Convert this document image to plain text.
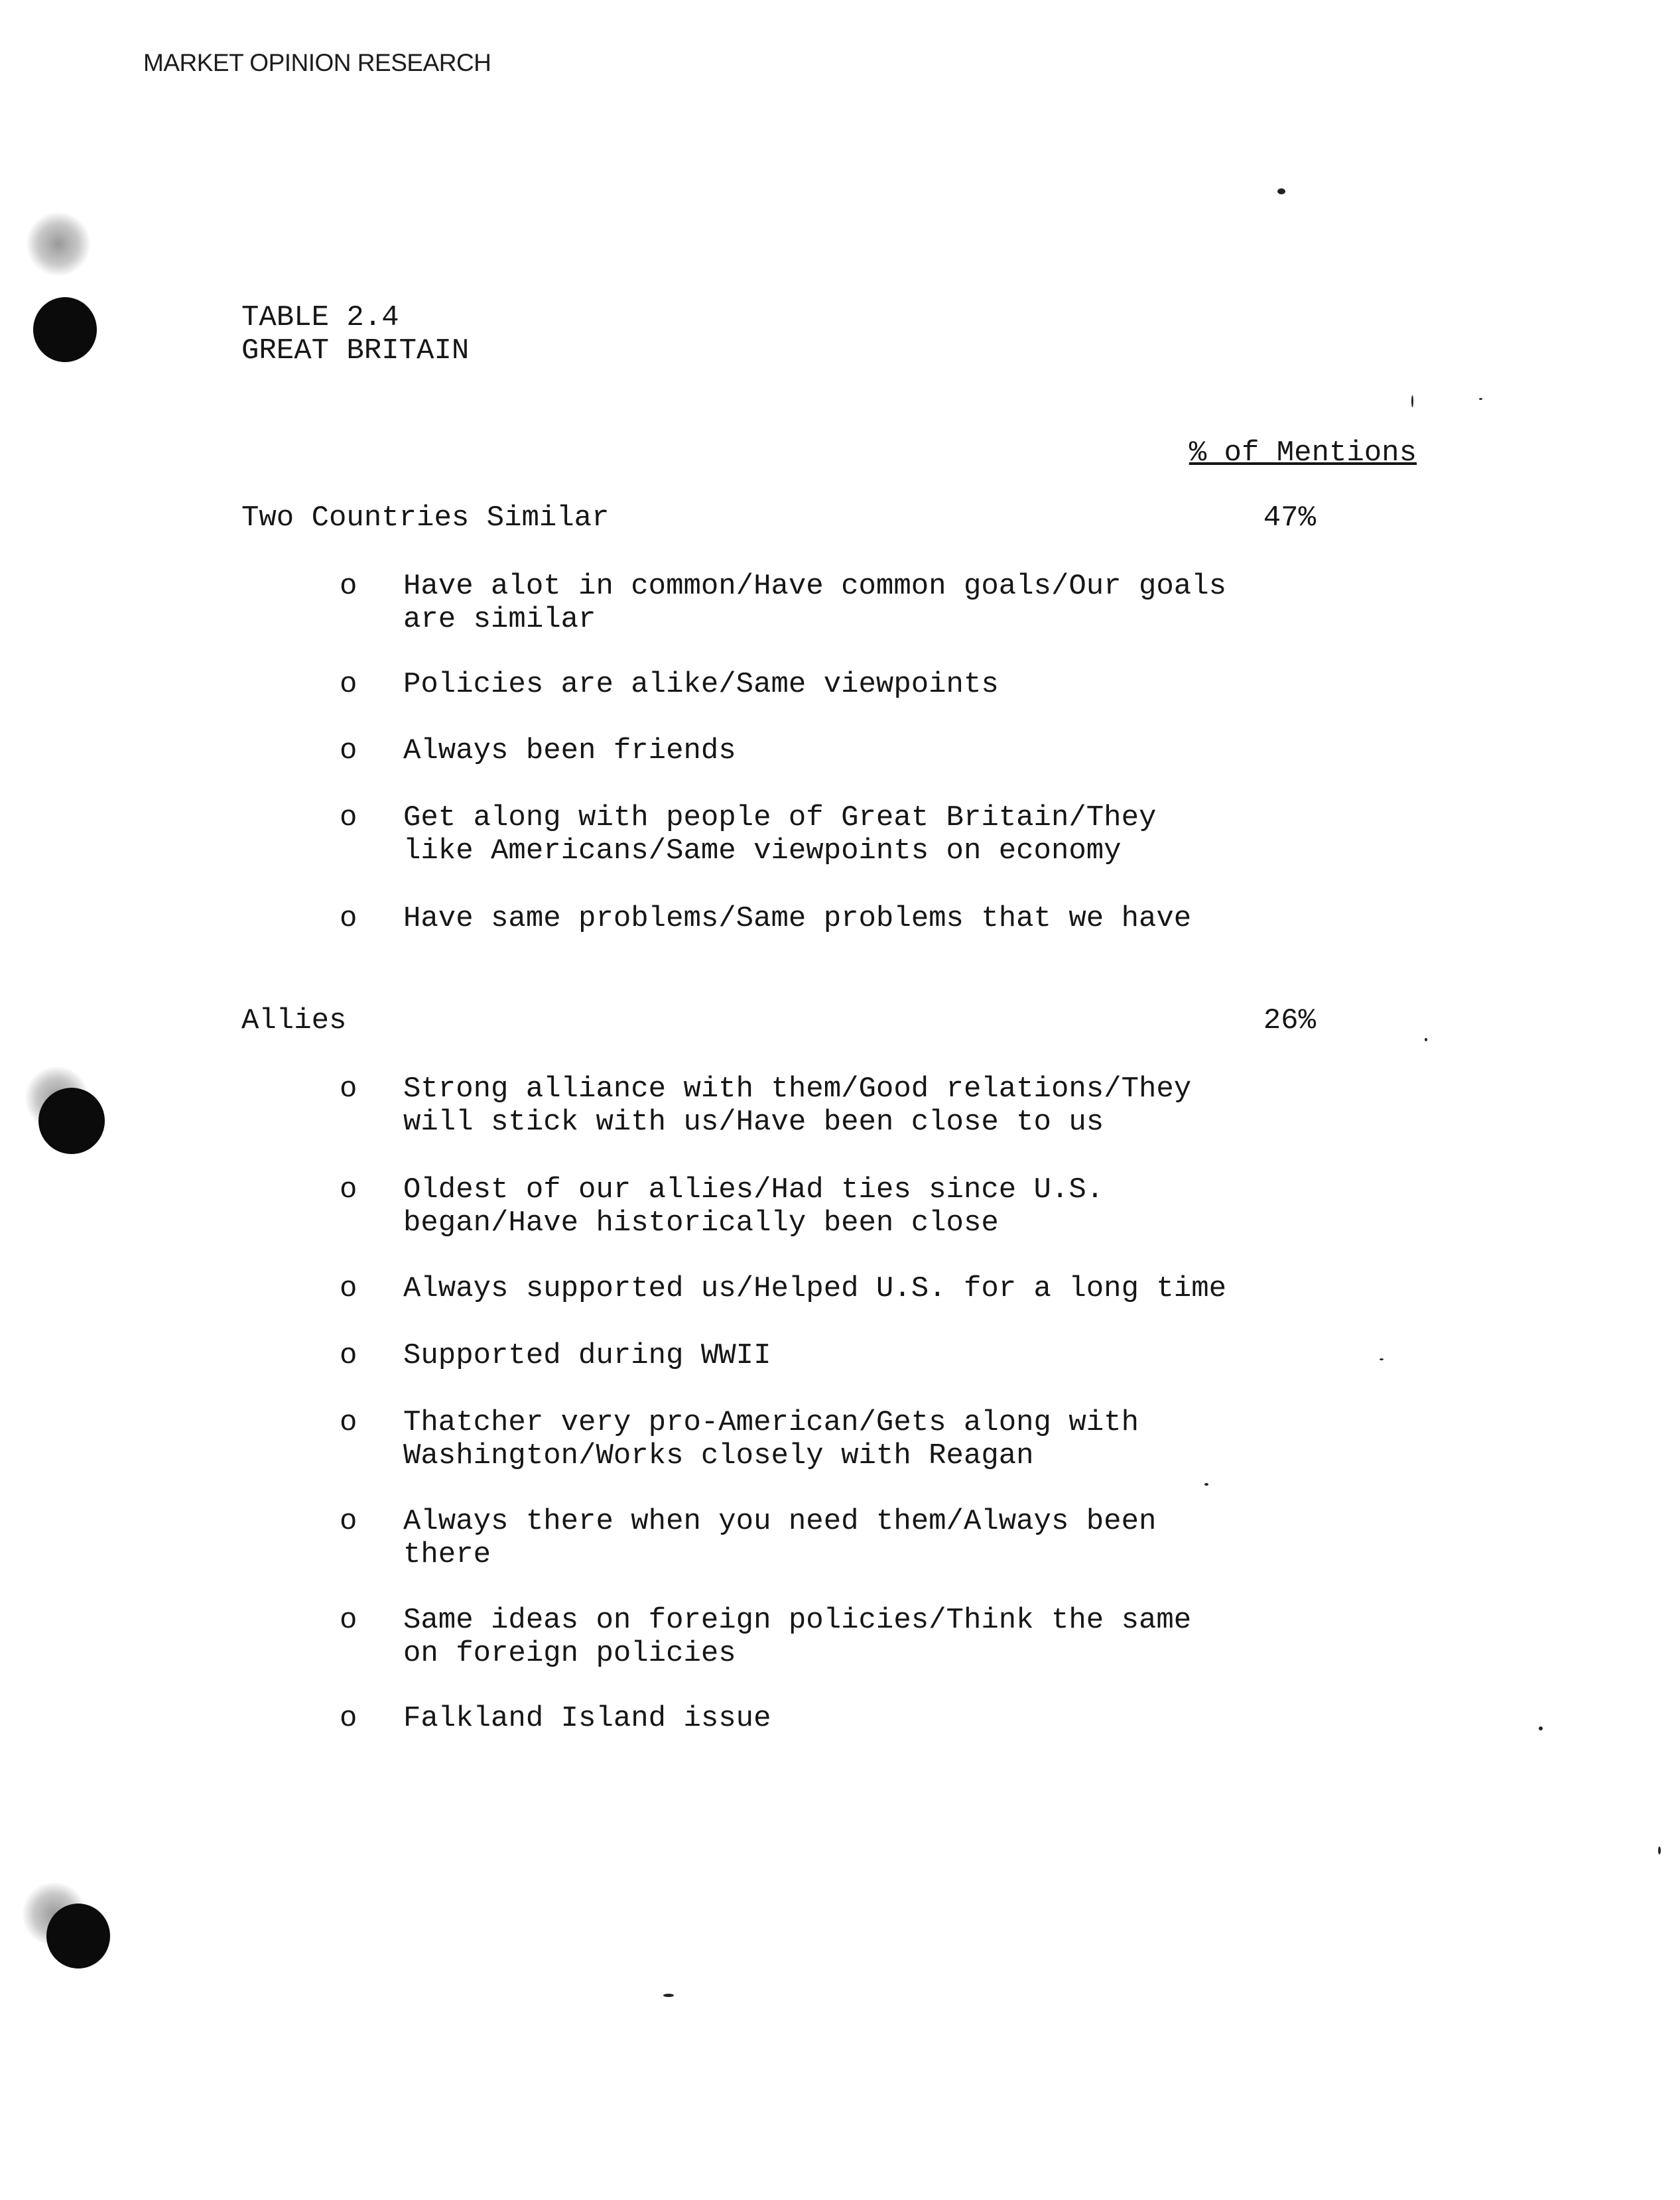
MARKET OPINION RESEARCH
TABLE 2.4
GREAT BRITAIN
% of Mentions
Two Countries Similar	47%
o Have alot in common/Have common goals/Our goals
are similar
o Policies are alike/Same viewpoints
o Always been friends
o Get along with people of Great Britain/They
like Americans/Same viewpoints on economy
o Have same problems/Same problems that we have
Allies	26%
o Strong alliance with them/Good relations/They
will stick with us/Have been close to us
o Oldest of our allies/Had ties since U.S.
began/Have historically been close
o Always supported us/Helped U.S. for a long time
o Supported during WWII
o Thatcher very pro-American/Gets along with
Washington/Works closely with Reagan
o Always there when you need them/Always been
there
o Same ideas on foreign policies/Think the same
on foreign policies
o Falkland Island issue
